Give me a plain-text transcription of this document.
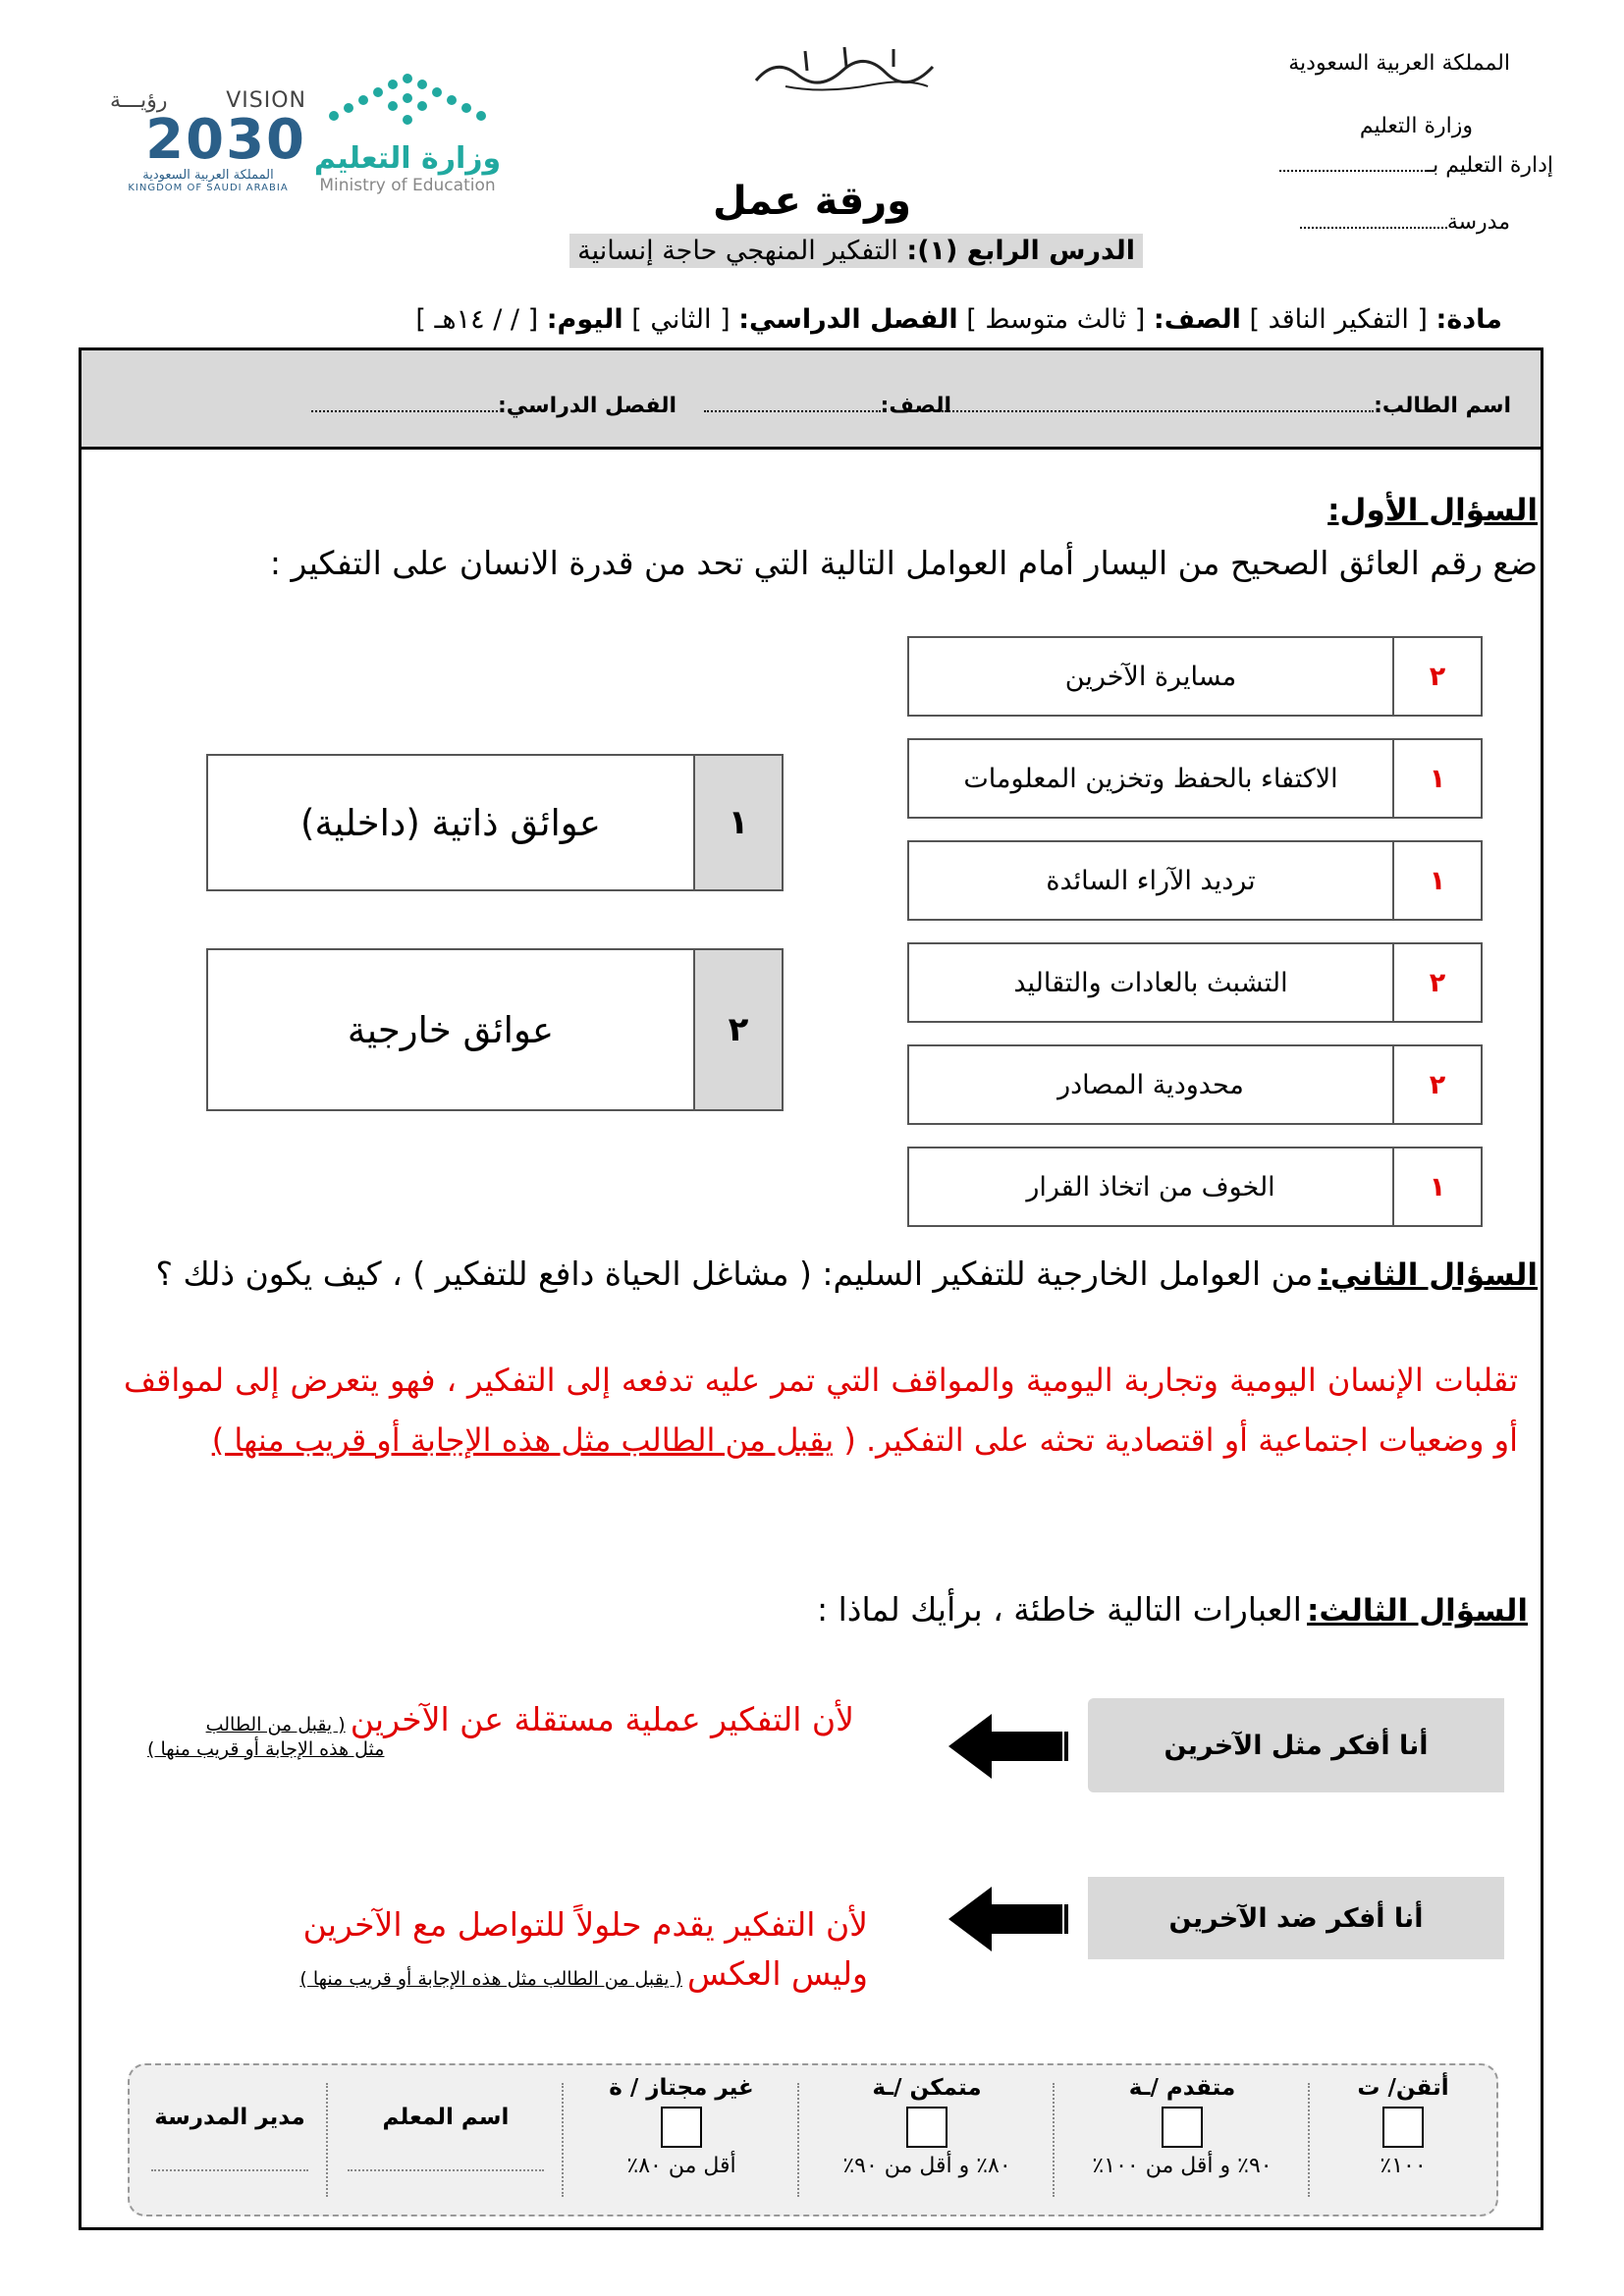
المملكة العربية السعودية
وزارة التعليم
إدارة التعليم بـ
مدرسة
وزارة التعليم
Ministry of Education
VISION
رؤيـــة
2030
المملكة العربية السعودية
KINGDOM OF SAUDI ARABIA	ورقة عمل
الدرس الرابع (١): التفكير المنهجي حاجة إنسانية
مادة: [ التفكير الناقد ] الصف: [ ثالث متوسط ] الفصل الدراسي: [ الثاني ] اليوم: [ / / ١٤هـ ]
اسم الطالب:
الصف:
الفصل الدراسي:
السؤال الأول:
ضع رقم العائق الصحيح من اليسار أمام العوامل التالية التي تحد من قدرة الانسان على التفكير :
٢
مسايرة الآخرين
١
الاكتفاء بالحفظ وتخزين المعلومات
١
ترديد الآراء السائدة
٢
التشبث بالعادات والتقاليد
٢
محدودية المصادر
١
الخوف من اتخاذ القرار
١
عوائق ذاتية (داخلية)
٢
عوائق خارجية
السؤال الثاني: من العوامل الخارجية للتفكير السليم: ( مشاغل الحياة دافع للتفكير ) ، كيف يكون ذلك ؟
تقلبات الإنسان اليومية وتجاربة اليومية والمواقف التي تمر عليه تدفعه إلى التفكير ، فهو يتعرض إلى لمواقف أو وضعيات اجتماعية أو اقتصادية تحثه على التفكير. ( يقبل من الطالب مثل هذه الإجابة أو قريب منها )
السؤال الثالث: العبارات التالية خاطئة ، برأيك لماذا :
أنا أفكر مثل الآخرين
لأن التفكير عملية مستقلة عن الآخرين ( يقبل من الطالب
مثل هذه الإجابة أو قريب منها )
أنا أفكر ضد الآخرين
لأن التفكير يقدم حلولاً للتواصل مع الآخرين وليس العكس ( يقبل من الطالب مثل هذه الإجابة أو قريب منها )
أتقن/ ت
١٠٠٪
متقدم /ـة
٩٠٪ و أقل من ١٠٠٪
متمكن /ـة
٨٠٪ و أقل من ٩٠٪
غير مجتاز / ة
أقل من ٨٠٪
اسم المعلم
مدير المدرسة
